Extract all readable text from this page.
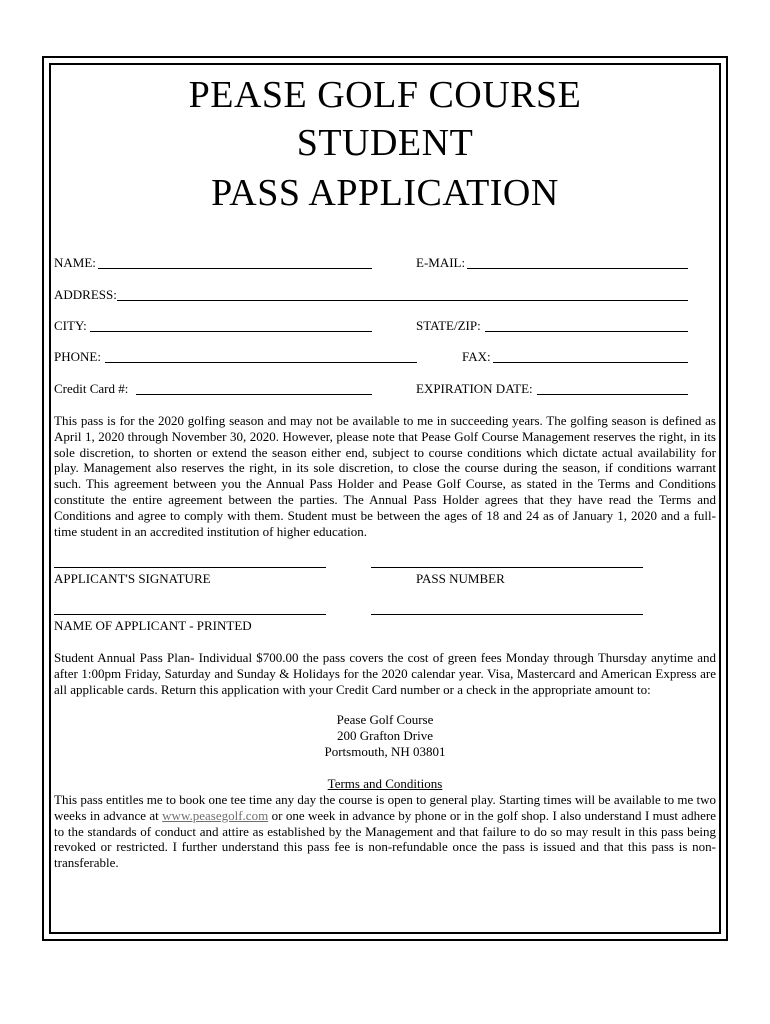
PEASE GOLF COURSE
STUDENT
PASS APPLICATION
NAME:	E-MAIL:
ADDRESS:
CITY:	STATE/ZIP:
PHONE:	FAX:
Credit Card #:	EXPIRATION DATE:
This pass is for the 2020 golfing season and may not be available to me in succeeding years. The golfing season is defined as April 1, 2020 through November 30, 2020. However, please note that Pease Golf Course Management reserves the right, in its sole discretion, to shorten or extend the season either end, subject to course conditions which dictate actual availability for play. Management also reserves the right, in its sole discretion, to close the course during the season, if conditions warrant such. This agreement between you the Annual Pass Holder and Pease Golf Course, as stated in the Terms and Conditions constitute the entire agreement between the parties. The Annual Pass Holder agrees that they have read the Terms and Conditions and agree to comply with them. Student must be between the ages of 18 and 24 as of January 1, 2020 and a full-time student in an accredited institution of higher education.
APPLICANT'S SIGNATURE	PASS NUMBER
NAME OF APPLICANT - PRINTED
Student Annual Pass Plan- Individual $700.00 the pass covers the cost of green fees Monday through Thursday anytime and after 1:00pm Friday, Saturday and Sunday & Holidays for the 2020 calendar year. Visa, Mastercard and American Express are all applicable cards. Return this application with your Credit Card number or a check in the appropriate amount to:
Pease Golf Course
200 Grafton Drive
Portsmouth, NH 03801
Terms and Conditions
This pass entitles me to book one tee time any day the course is open to general play. Starting times will be available to me two weeks in advance at www.peasegolf.com or one week in advance by phone or in the golf shop. I also understand I must adhere to the standards of conduct and attire as established by the Management and that failure to do so may result in this pass being revoked or restricted. I further understand this pass fee is non-refundable once the pass is issued and that this pass is non-transferable.
